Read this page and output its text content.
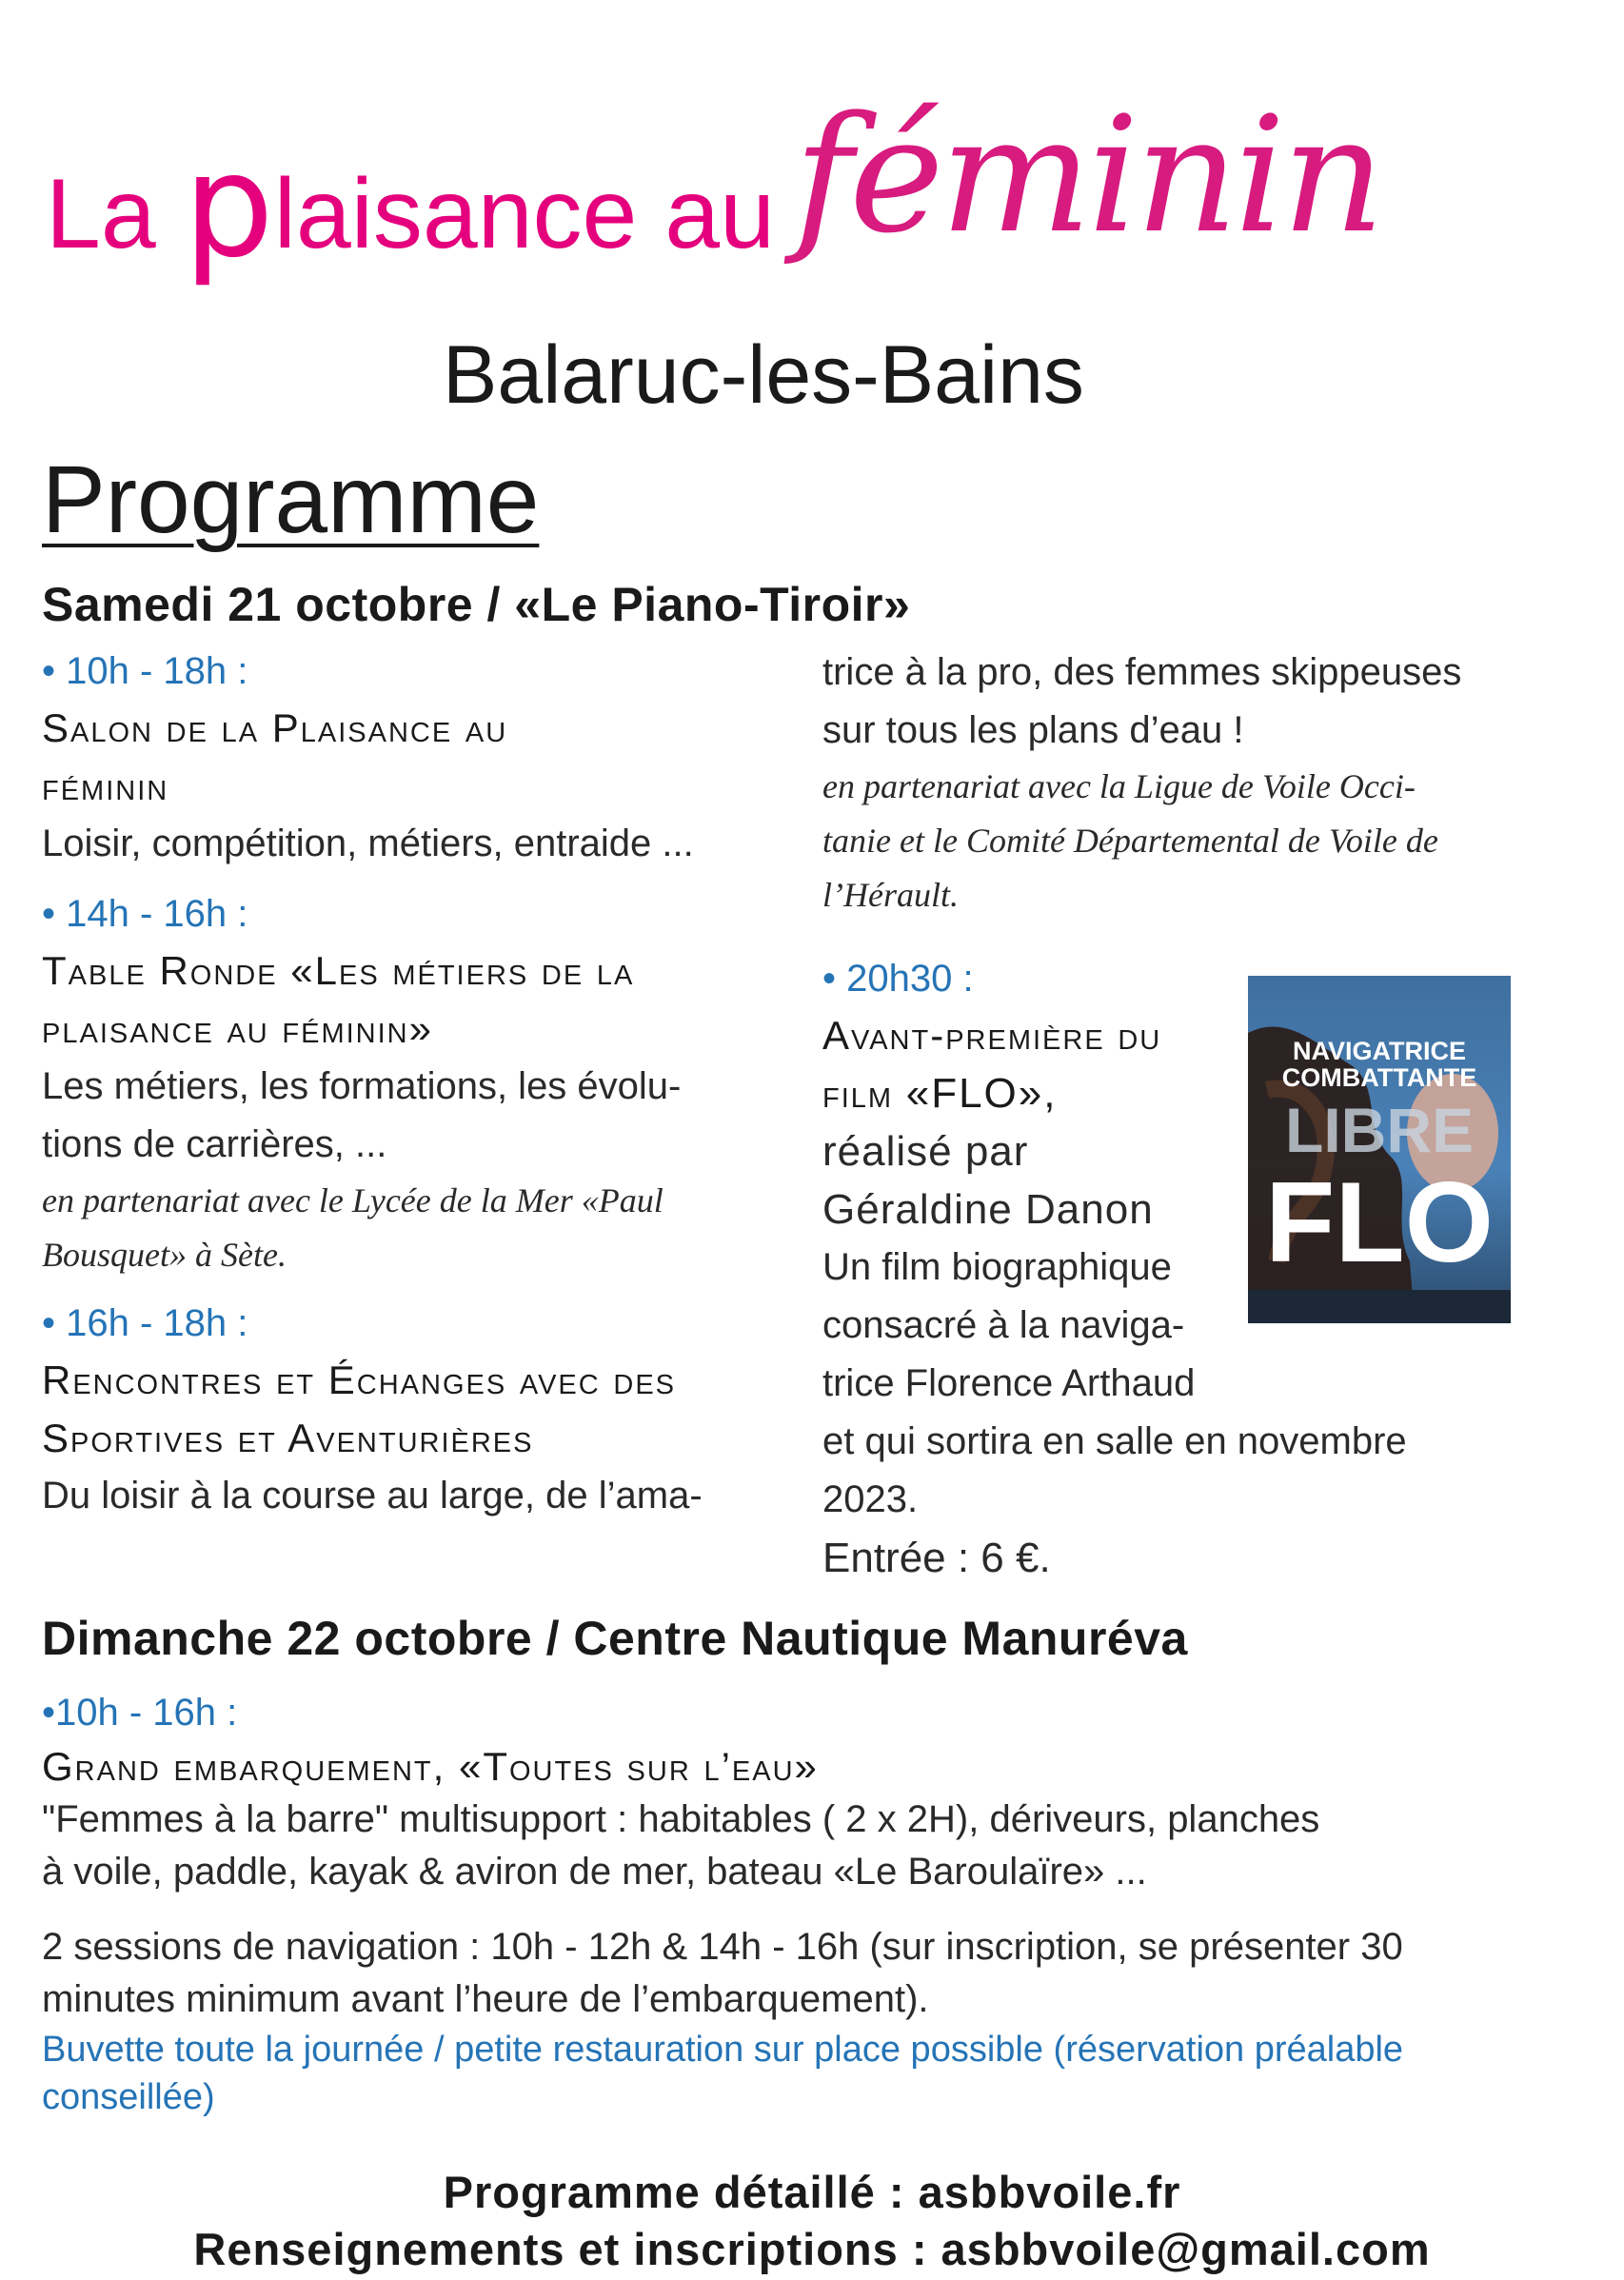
La plaisance au féminin
Balaruc-les-Bains
Programme
Samedi 21 octobre / «Le Piano-Tiroir»
• 10h - 18h :
Salon de la Plaisance au
féminin
Loisir, compétition, métiers, entraide ...
• 14h - 16h :
Table Ronde «Les métiers de la
plaisance au féminin»
Les métiers, les formations, les évolu-
tions de carrières, ...
en partenariat avec le Lycée de la Mer «Paul
Bousquet» à Sète.
• 16h - 18h :
Rencontres et Échanges avec des
Sportives et Aventurières
Du loisir à la course au large, de l’ama-
trice à la pro, des femmes skippeuses
sur tous les plans d’eau !
en partenariat avec la Ligue de Voile Occi-
tanie et le Comité Départemental de Voile de
l’Hérault.
• 20h30 :
Avant-première du
film «FLO»,
réalisé par
Géraldine Danon
Un film biographique
consacré à la naviga-
trice Florence Arthaud
et qui sortira en salle en novembre
2023.
Entrée : 6 €.
NAVIGATRICE
COMBATTANTE
LIBRE
FLO
Dimanche 22 octobre / Centre Nautique Manuréva
•10h - 16h :
Grand embarquement, «Toutes sur l’eau»
"Femmes à la barre" multisupport : habitables ( 2 x 2H), dériveurs, planches
à voile, paddle, kayak & aviron de mer, bateau «Le Baroulaïre» ...
2 sessions de navigation : 10h - 12h & 14h - 16h (sur inscription, se présenter 30
minutes minimum avant l’heure de l’embarquement).
Buvette toute la journée / petite restauration sur place possible (réservation préalable
conseillée)
Programme détaillé : asbbvoile.fr
Renseignements et inscriptions : asbbvoile@gmail.com
